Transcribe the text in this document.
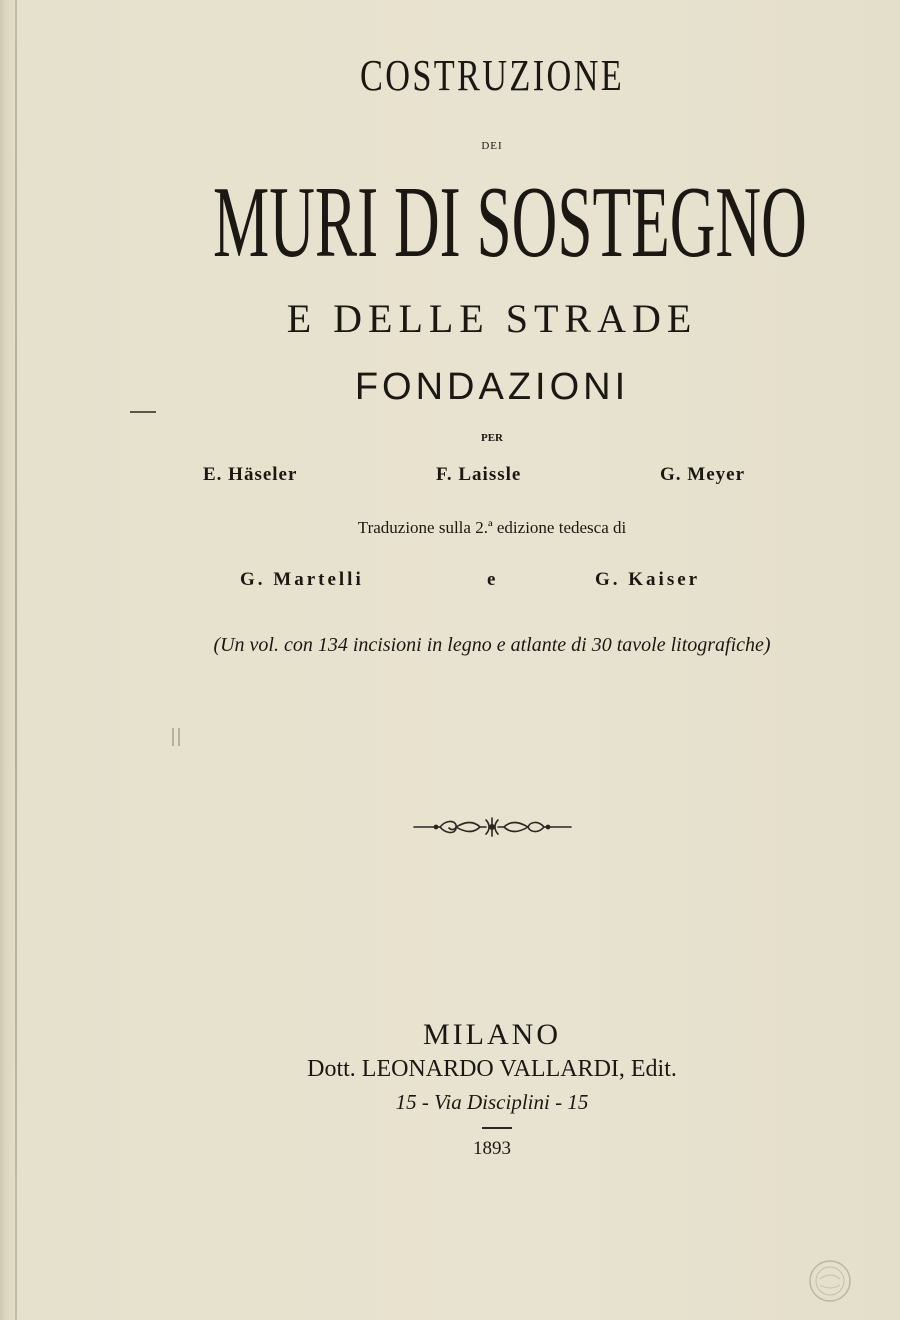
COSTRUZIONE
DEI
MURI DI SOSTEGNO
E DELLE STRADE
FONDAZIONI
PER
E. Häseler	F. Laissle	G. Meyer
Traduzione sulla 2.ª edizione tedesca di
G. Martelli	e	G. Kaiser
(Un vol. con 134 incisioni in legno e atlante di 30 tavole litografiche)
MILANO
Dott. LEONARDO VALLARDI, Edit.
15 - Via Disciplini - 15
1893
